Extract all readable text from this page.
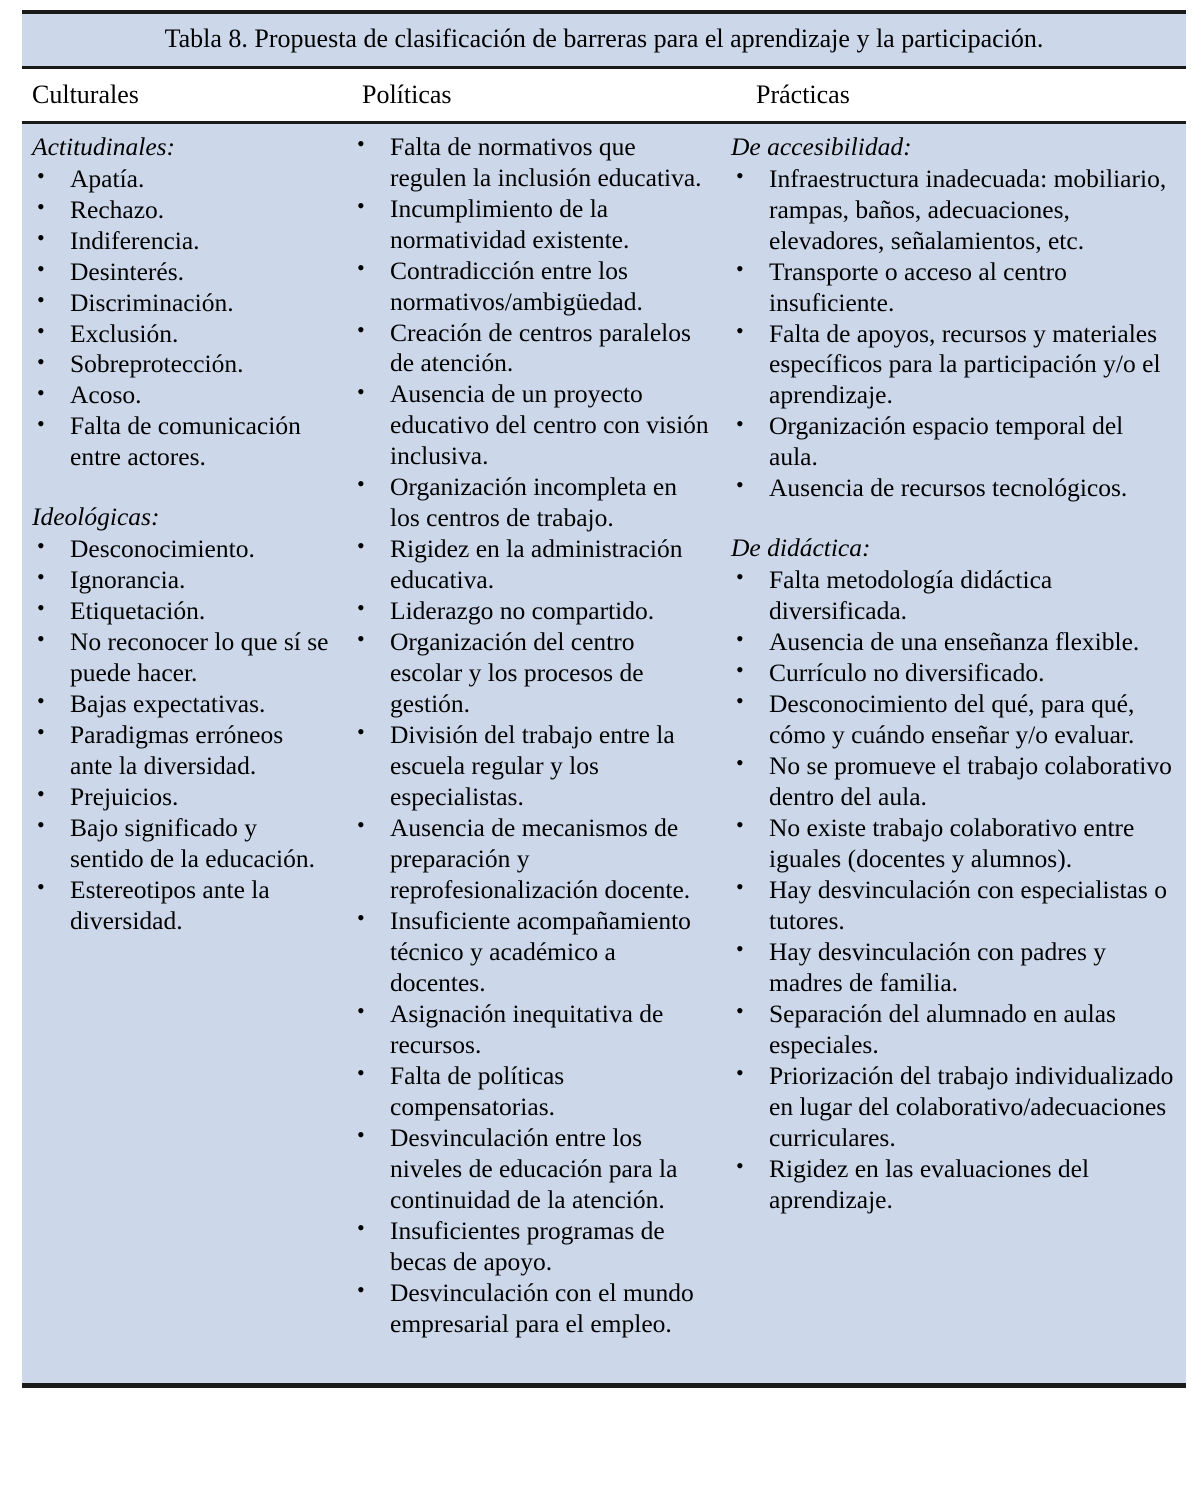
Tabla 8. Propuesta de clasificación de barreras para el aprendizaje y la participación.
Culturales	Políticas	Prácticas
Actitudinales:
• Apatía.
• Rechazo.
• Indiferencia.
• Desinterés.
• Discriminación.
• Exclusión.
• Sobreprotección.
• Acoso.
• Falta de comunicación entre actores.
Ideológicas:
• Desconocimiento.
• Ignorancia.
• Etiquetación.
• No reconocer lo que sí se puede hacer.
• Bajas expectativas.
• Paradigmas erróneos ante la diversidad.
• Prejuicios.
• Bajo significado y sentido de la educación.
• Estereotipos ante la diversidad.
• Falta de normativos que regulen la inclusión educativa.
• Incumplimiento de la normatividad existente.
• Contradicción entre los normativos/ambigüedad.
• Creación de centros paralelos de atención.
• Ausencia de un proyecto educativo del centro con visión inclusiva.
• Organización incompleta en los centros de trabajo.
• Rigidez en la administración educativa.
• Liderazgo no compartido.
• Organización del centro escolar y los procesos de gestión.
• División del trabajo entre la escuela regular y los especialistas.
• Ausencia de mecanismos de preparación y reprofesionalización docente.
• Insuficiente acompañamiento técnico y académico a docentes.
• Asignación inequitativa de recursos.
• Falta de políticas compensatorias.
• Desvinculación entre los niveles de educación para la continuidad de la atención.
• Insuficientes programas de becas de apoyo.
• Desvinculación con el mundo empresarial para el empleo.
De accesibilidad:
• Infraestructura inadecuada: mobiliario, rampas, baños, adecuaciones, elevadores, señalamientos, etc.
• Transporte o acceso al centro insuficiente.
• Falta de apoyos, recursos y materiales específicos para la participación y/o el aprendizaje.
• Organización espacio temporal del aula.
• Ausencia de recursos tecnológicos.
De didáctica:
• Falta metodología didáctica diversificada.
• Ausencia de una enseñanza flexible.
• Currículo no diversificado.
• Desconocimiento del qué, para qué, cómo y cuándo enseñar y/o evaluar.
• No se promueve el trabajo colaborativo dentro del aula.
• No existe trabajo colaborativo entre iguales (docentes y alumnos).
• Hay desvinculación con especialistas o tutores.
• Hay desvinculación con padres y madres de familia.
• Separación del alumnado en aulas especiales.
• Priorización del trabajo individualizado en lugar del colaborativo/adecuaciones curriculares.
• Rigidez en las evaluaciones del aprendizaje.
